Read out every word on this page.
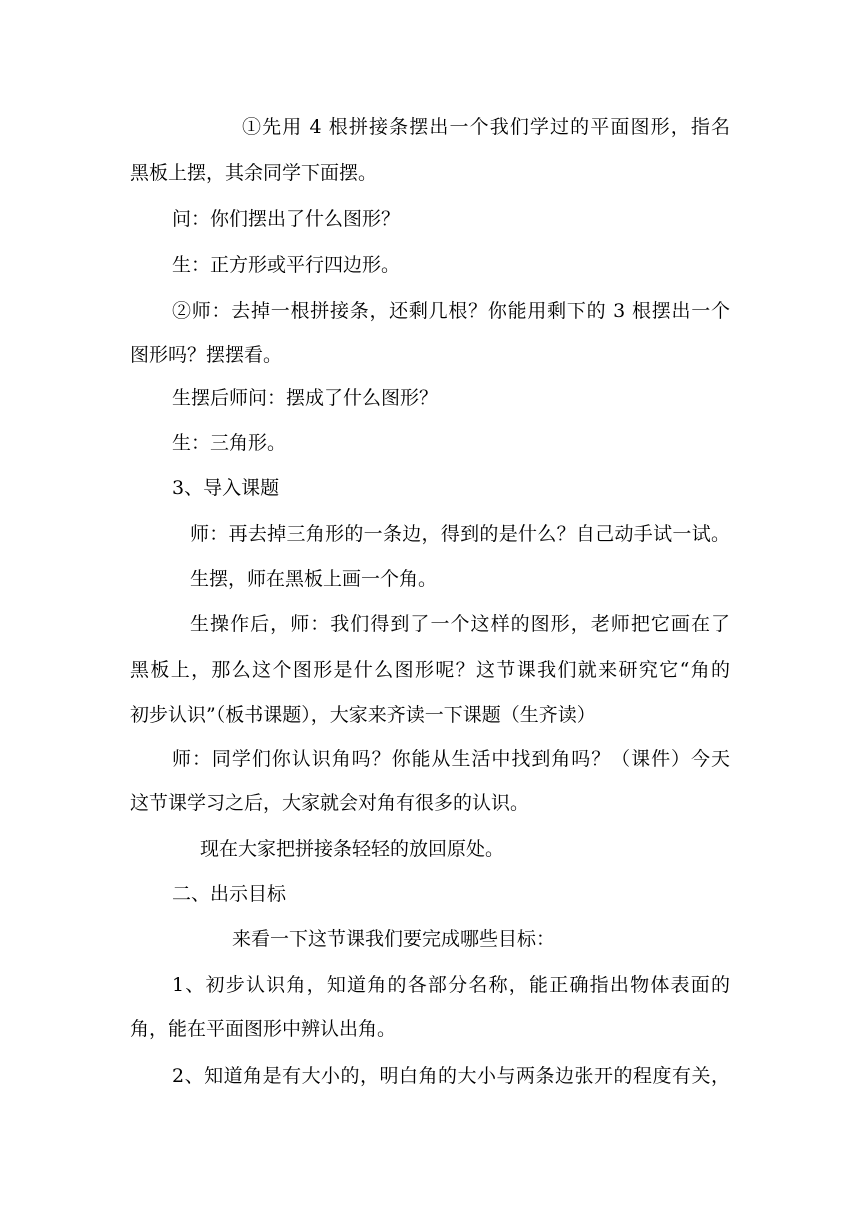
①先用 4 根拼接条摆出一个我们学过的平面图形，指名
黑板上摆，其余同学下面摆。
问：你们摆出了什么图形？
生：正方形或平行四边形。
②师：去掉一根拼接条，还剩几根？你能用剩下的 3 根摆出一个
图形吗？摆摆看。
生摆后师问：摆成了什么图形？
生：三角形。
3、导入课题
师：再去掉三角形的一条边，得到的是什么？自己动手试一试。
生摆，师在黑板上画一个角。
生操作后，师：我们得到了一个这样的图形，老师把它画在了
黑板上，那么这个图形是什么图形呢？这节课我们就来研究它“角的
初步认识”（板书课题），大家来齐读一下课题（生齐读）
师：同学们你认识角吗？你能从生活中找到角吗？（课件）今天
这节课学习之后，大家就会对角有很多的认识。
现在大家把拼接条轻轻的放回原处。
二、出示目标
来看一下这节课我们要完成哪些目标：
1、初步认识角，知道角的各部分名称，能正确指出物体表面的
角，能在平面图形中辨认出角。
2、知道角是有大小的，明白角的大小与两条边张开的程度有关，
